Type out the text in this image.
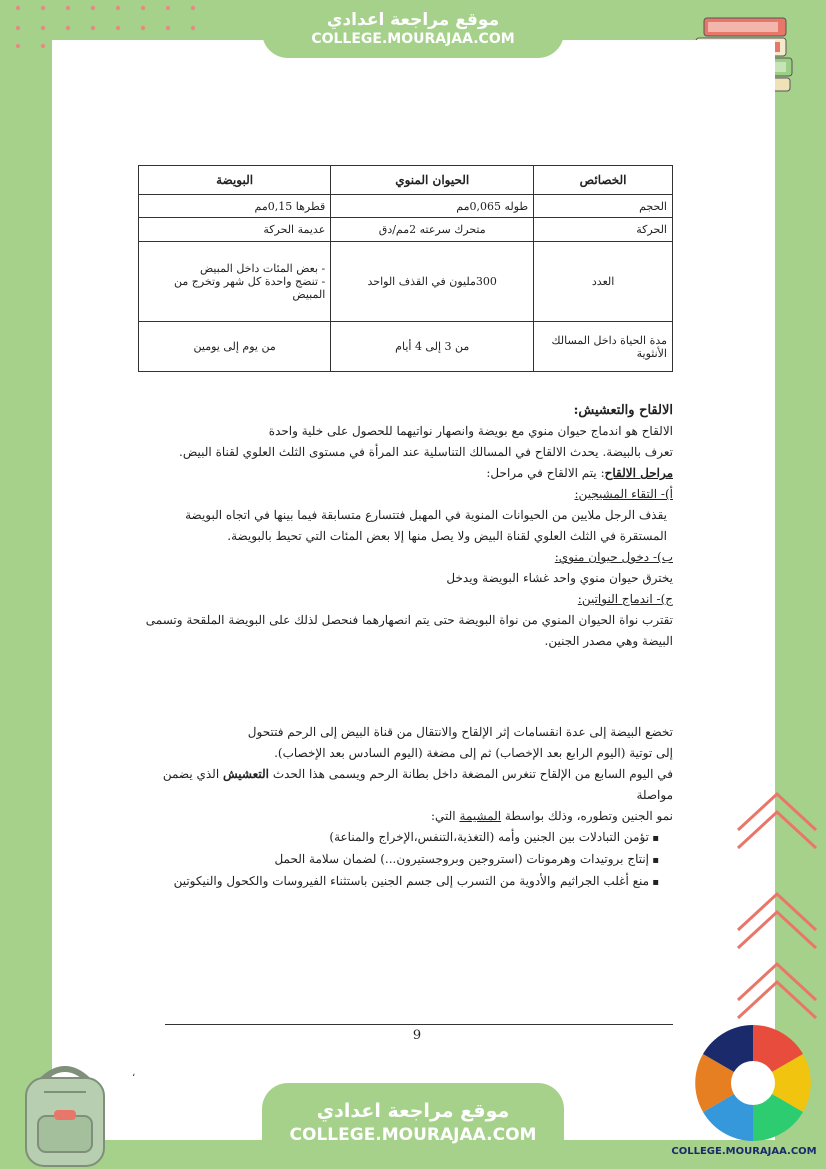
موقع مراجعة اعدادي
COLLEGE.MOURAJAA.COM
الخصائص	الحيوان المنوي	البويضة
الحجم	طوله 0,065مم	قطرها 0,15مم
الحركة	متحرك سرعته 2مم/دق	عديمة الحركة
العدد	300مليون في القذف الواحد	- بعض المئات داخل المبيض
- تنضج واحدة كل شهر وتخرج من المبيض

مدة الحياة داخل المسالك الأنثوية	من 3 إلى 4 أيام	من يوم إلى يومين

الالقاح والتعشيش:

الالقاح هو اندماج حيوان منوي مع بويضة وانصهار نواتيهما للحصول على خلية واحدة

تعرف بالبيضة. يحدث الالقاح في المسالك التناسلية عند المرأة في مستوى الثلث العلوي لقناة البيض.

مراحل الالقاح: يتم الالقاح في مراحل:

أ)- التقاء المشيجين:

يقذف الرجل ملايين من الحيوانات المنوية في المهبل فتتسارع متسابقة فيما بينها في اتجاه البويضة المستقرة في الثلث العلوي لقناة البيض ولا يصل منها إلا بعض المئات التي تحيط بالبويضة.

ب)- دخول حيوان منوي:

يخترق حيوان منوي واحد غشاء البويضة ويدخل

ج)- اندماج النواتين:

تقترب نواة الحيوان المنوي من نواة البويضة حتى يتم انصهارهما فنحصل لذلك على البويضة الملقحة وتسمى البيضة وهي مصدر الجنين.

تخضع البيضة إلى عدة انقسامات إثر الإلقاح والانتقال من قناة البيض إلى الرحم فتتحول

إلى توتية (اليوم الرابع بعد الإخصاب) ثم إلى مضغة (اليوم السادس بعد الإخصاب).

في اليوم السابع من الإلقاح تنغرس المضغة داخل بطانة الرحم ويسمى هذا الحدث التعشيش الذي يضمن مواصلة

نمو الجنين وتطوره، وذلك بواسطة المشيمة التي:

▪ تؤمن التبادلات بين الجنين وأمه (التغذية،التنفس،الإخراج والمناعة)
▪ إنتاج بروتيدات وهرمونات (استروجين وبروجستيرون...) لضمان سلامة الحمل
▪ منع أغلب الجراثيم والأدوية من التسرب إلى جسم الجنين باستثناء الفيروسات والكحول والنيكوتين
9
،
COLLEGE.MOURAJAA.COM
موقع مراجعة اعدادي
COLLEGE.MOURAJAA.COM
